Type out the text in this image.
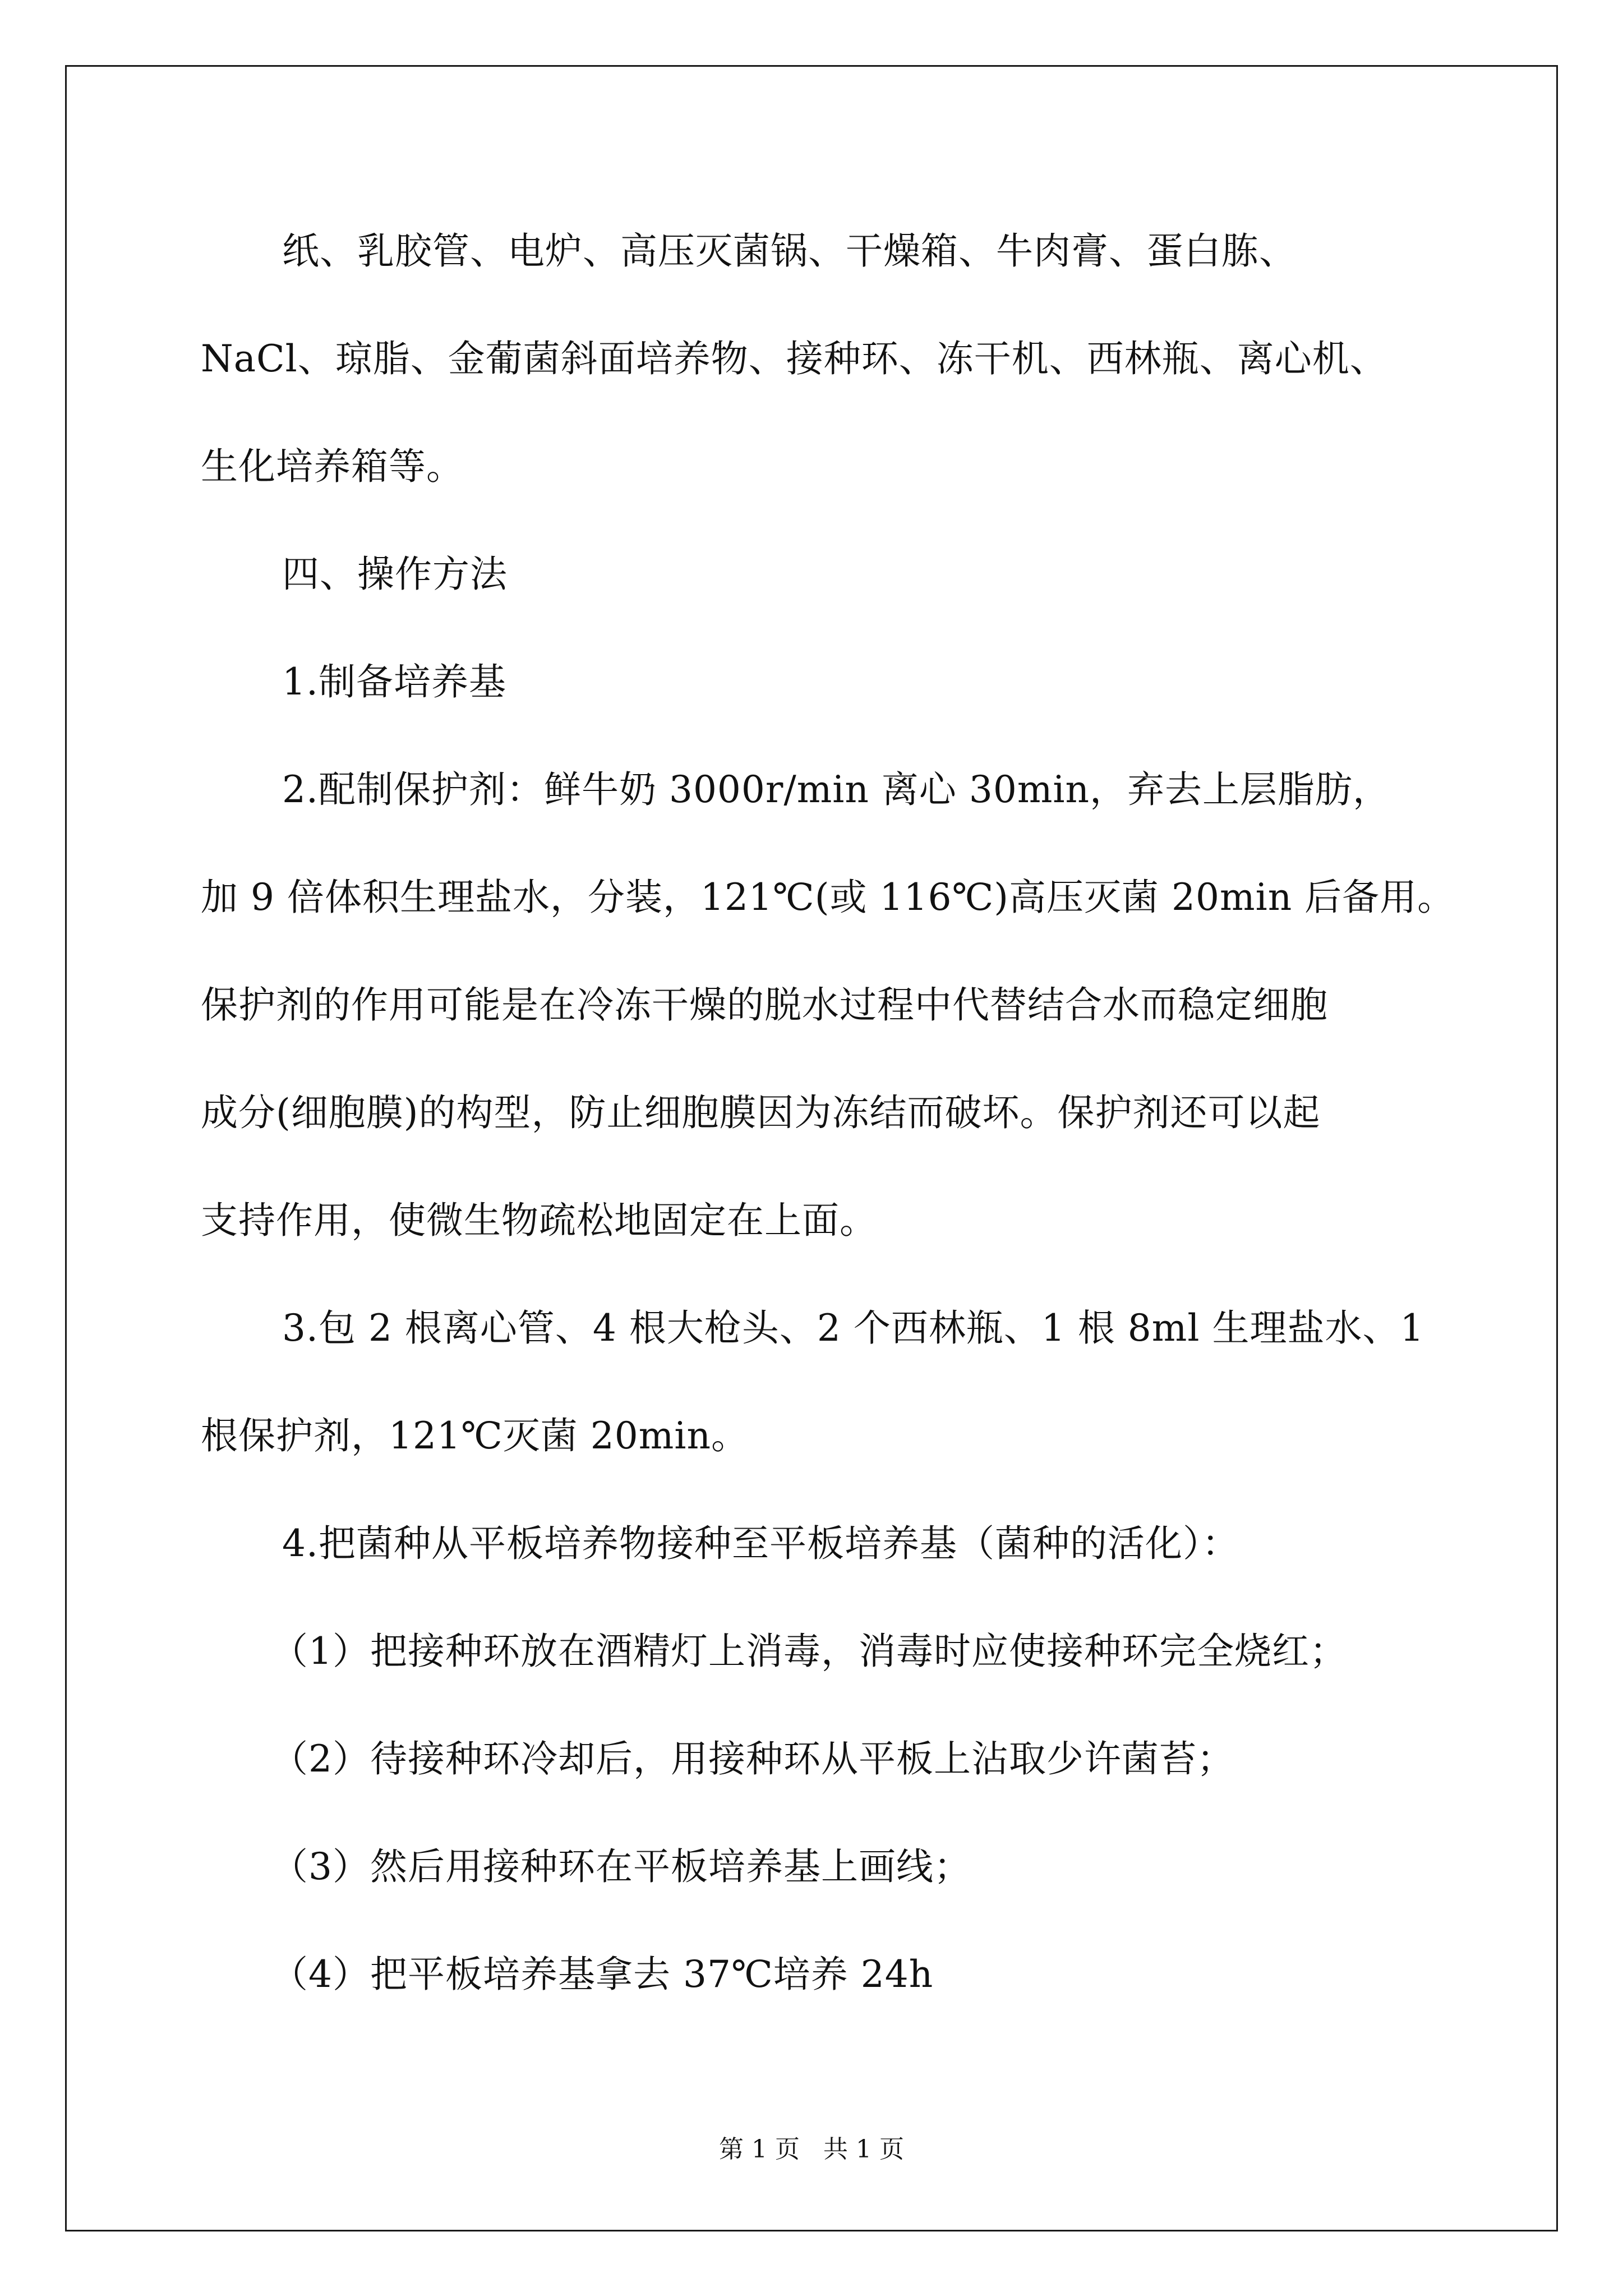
纸、乳胶管、电炉、高压灭菌锅、干燥箱、牛肉膏、蛋白胨、
NaCl、琼脂、金葡菌斜面培养物、接种环、冻干机、西林瓶、离心机、
生化培养箱等。
四、操作方法
1.制备培养基
2.配制保护剂：鲜牛奶 3000r/min 离心 30min，弃去上层脂肪，
加 9 倍体积生理盐水，分装，121℃(或 116℃)高压灭菌 20min 后备用。
保护剂的作用可能是在冷冻干燥的脱水过程中代替结合水而稳定细胞
成分(细胞膜)的构型，防止细胞膜因为冻结而破坏。保护剂还可以起
支持作用，使微生物疏松地固定在上面。
3.包 2 根离心管、4 根大枪头、2 个西林瓶、1 根 8ml 生理盐水、1
根保护剂，121℃灭菌 20min。
4.把菌种从平板培养物接种至平板培养基（菌种的活化）：
（1）把接种环放在酒精灯上消毒，消毒时应使接种环完全烧红；
（2）待接种环冷却后，用接种环从平板上沾取少许菌苔；
（3）然后用接种环在平板培养基上画线；
（4）把平板培养基拿去 37℃培养 24h
第 1 页   共 1 页
